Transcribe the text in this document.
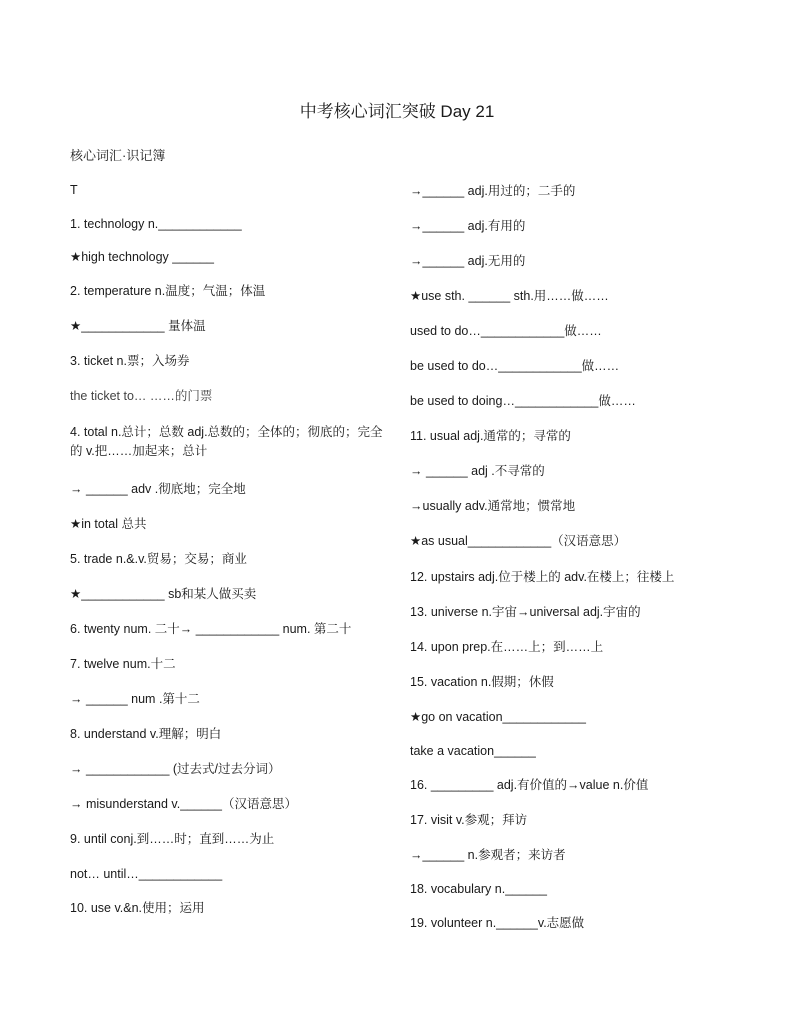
中考核心词汇突破 Day 21
核心词汇·识记簿
T
1. technology n.____________
★high technology ______
2. temperature n.温度；气温；体温
★____________ 量体温
3. ticket n.票；入场券
the ticket to… ……的门票
4. total n.总计；总数 adj.总数的；全体的；彻底的；完全的 v.把……加起来；总计
→ ______ adv .彻底地；完全地
★in total 总共
5. trade n.&.v.贸易；交易；商业
★____________ sb和某人做买卖
6. twenty num. 二十→ ____________ num. 第二十
7. twelve num.十二
→ ______ num .第十二
8. understand v.理解；明白
→ ____________ (过去式/过去分词）
→ misunderstand v.______（汉语意思）
9. until conj.到……时；直到……为止
not… until…____________
10. use v.&n.使用；运用
→______ adj.用过的；二手的
→______ adj.有用的
→______ adj.无用的
★use sth. ______ sth.用……做……
used to do…____________做……
be used to do…____________做……
be used to doing…____________做……
11. usual adj.通常的；寻常的
→ ______ adj .不寻常的
→usually adv.通常地；惯常地
★as usual____________（汉语意思）
12. upstairs adj.位于楼上的 adv.在楼上；往楼上
13. universe n.宇宙→universal adj.宇宙的
14. upon prep.在……上；到……上
15. vacation n.假期；休假
★go on vacation____________
take a vacation______
16. _________ adj.有价值的→value n.价值
17. visit v.参观；拜访
→______ n.参观者；来访者
18. vocabulary n.______
19. volunteer n.______v.志愿做
